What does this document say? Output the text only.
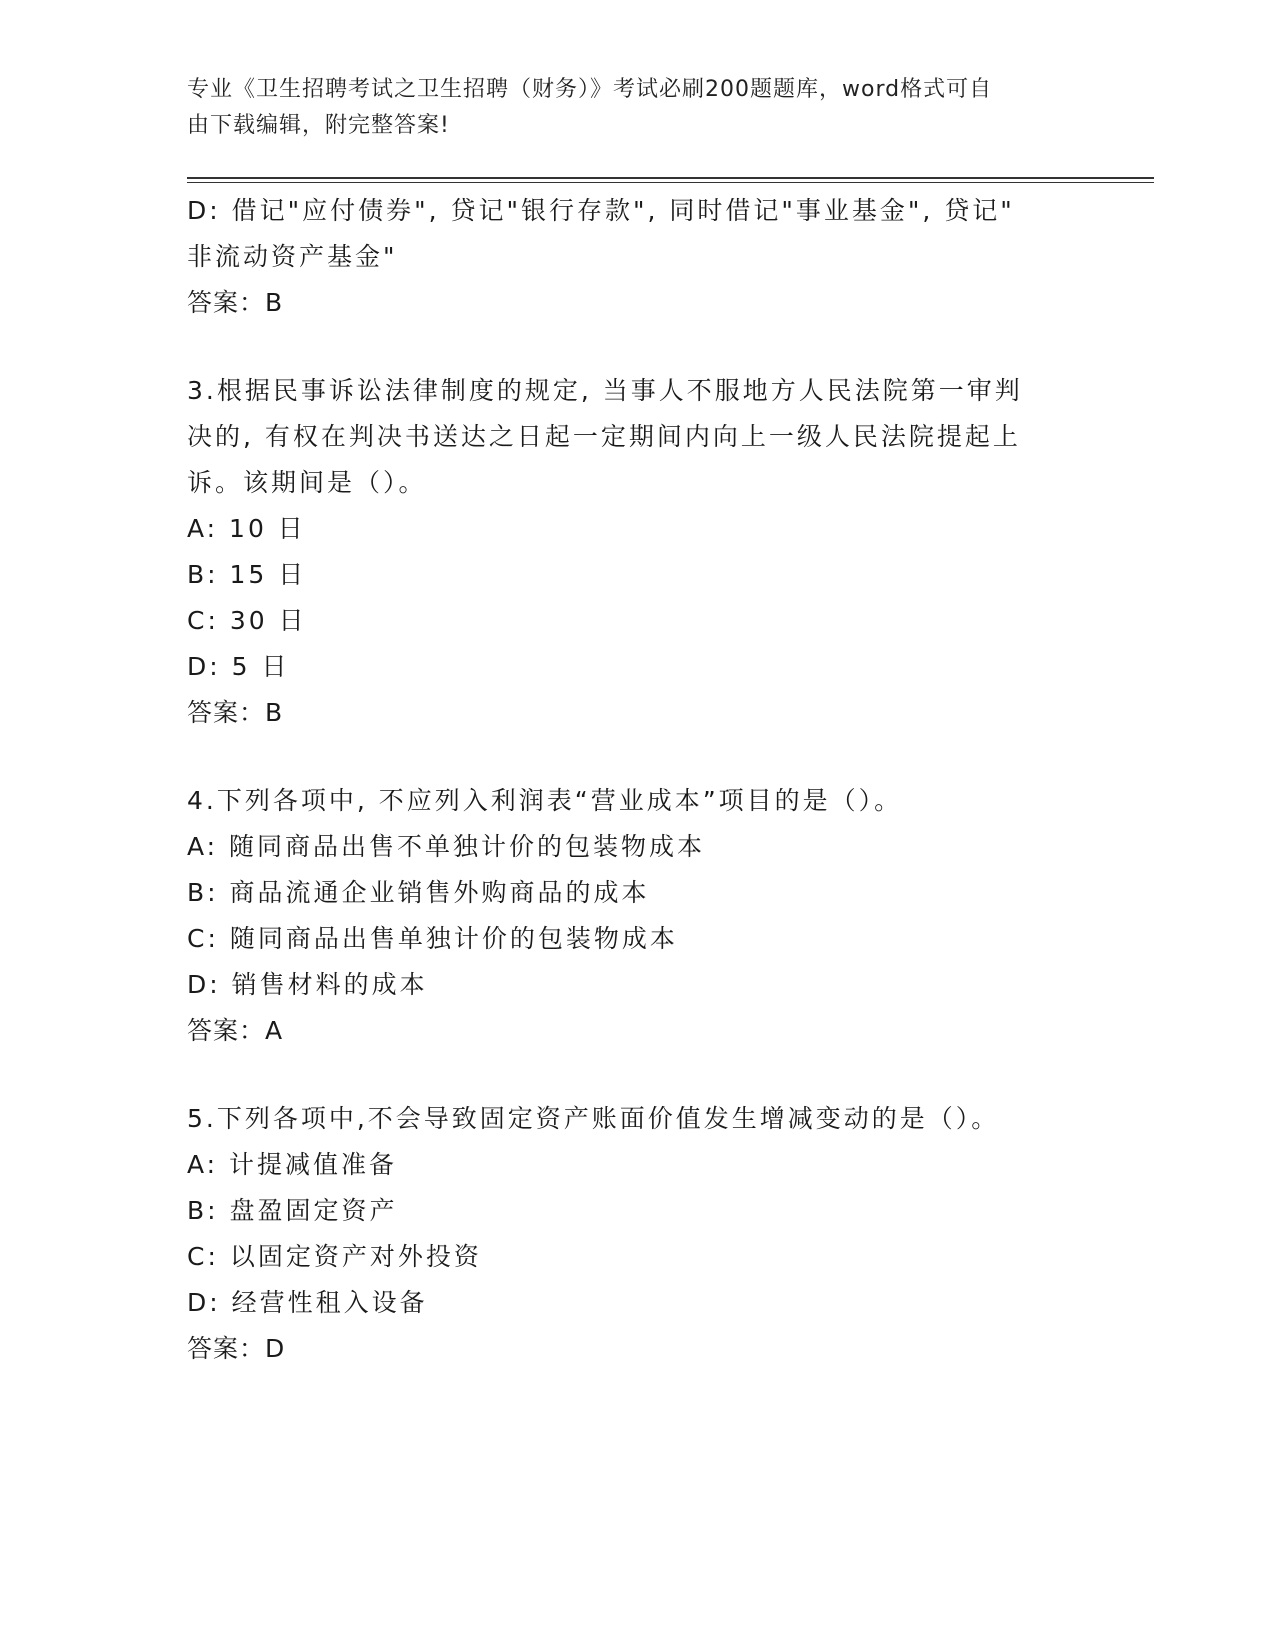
专业《卫生招聘考试之卫生招聘（财务）》考试必刷200题题库，word格式可自
由下载编辑，附完整答案!
D: 借记"应付债券", 贷记"银行存款", 同时借记"事业基金", 贷记"
非流动资产基金"
答案：B
3.根据民事诉讼法律制度的规定, 当事人不服地方人民法院第一审判
决的, 有权在判决书送达之日起一定期间内向上一级人民法院提起上
诉。该期间是（）。
A: 10 日
B: 15 日
C: 30 日
D: 5 日
答案：B
4.下列各项中, 不应列入利润表“营业成本”项目的是（）。
A: 随同商品出售不单独计价的包装物成本
B: 商品流通企业销售外购商品的成本
C: 随同商品出售单独计价的包装物成本
D: 销售材料的成本
答案：A
5.下列各项中,不会导致固定资产账面价值发生增减变动的是（）。
A: 计提减值准备
B: 盘盈固定资产
C: 以固定资产对外投资
D: 经营性租入设备
答案：D
